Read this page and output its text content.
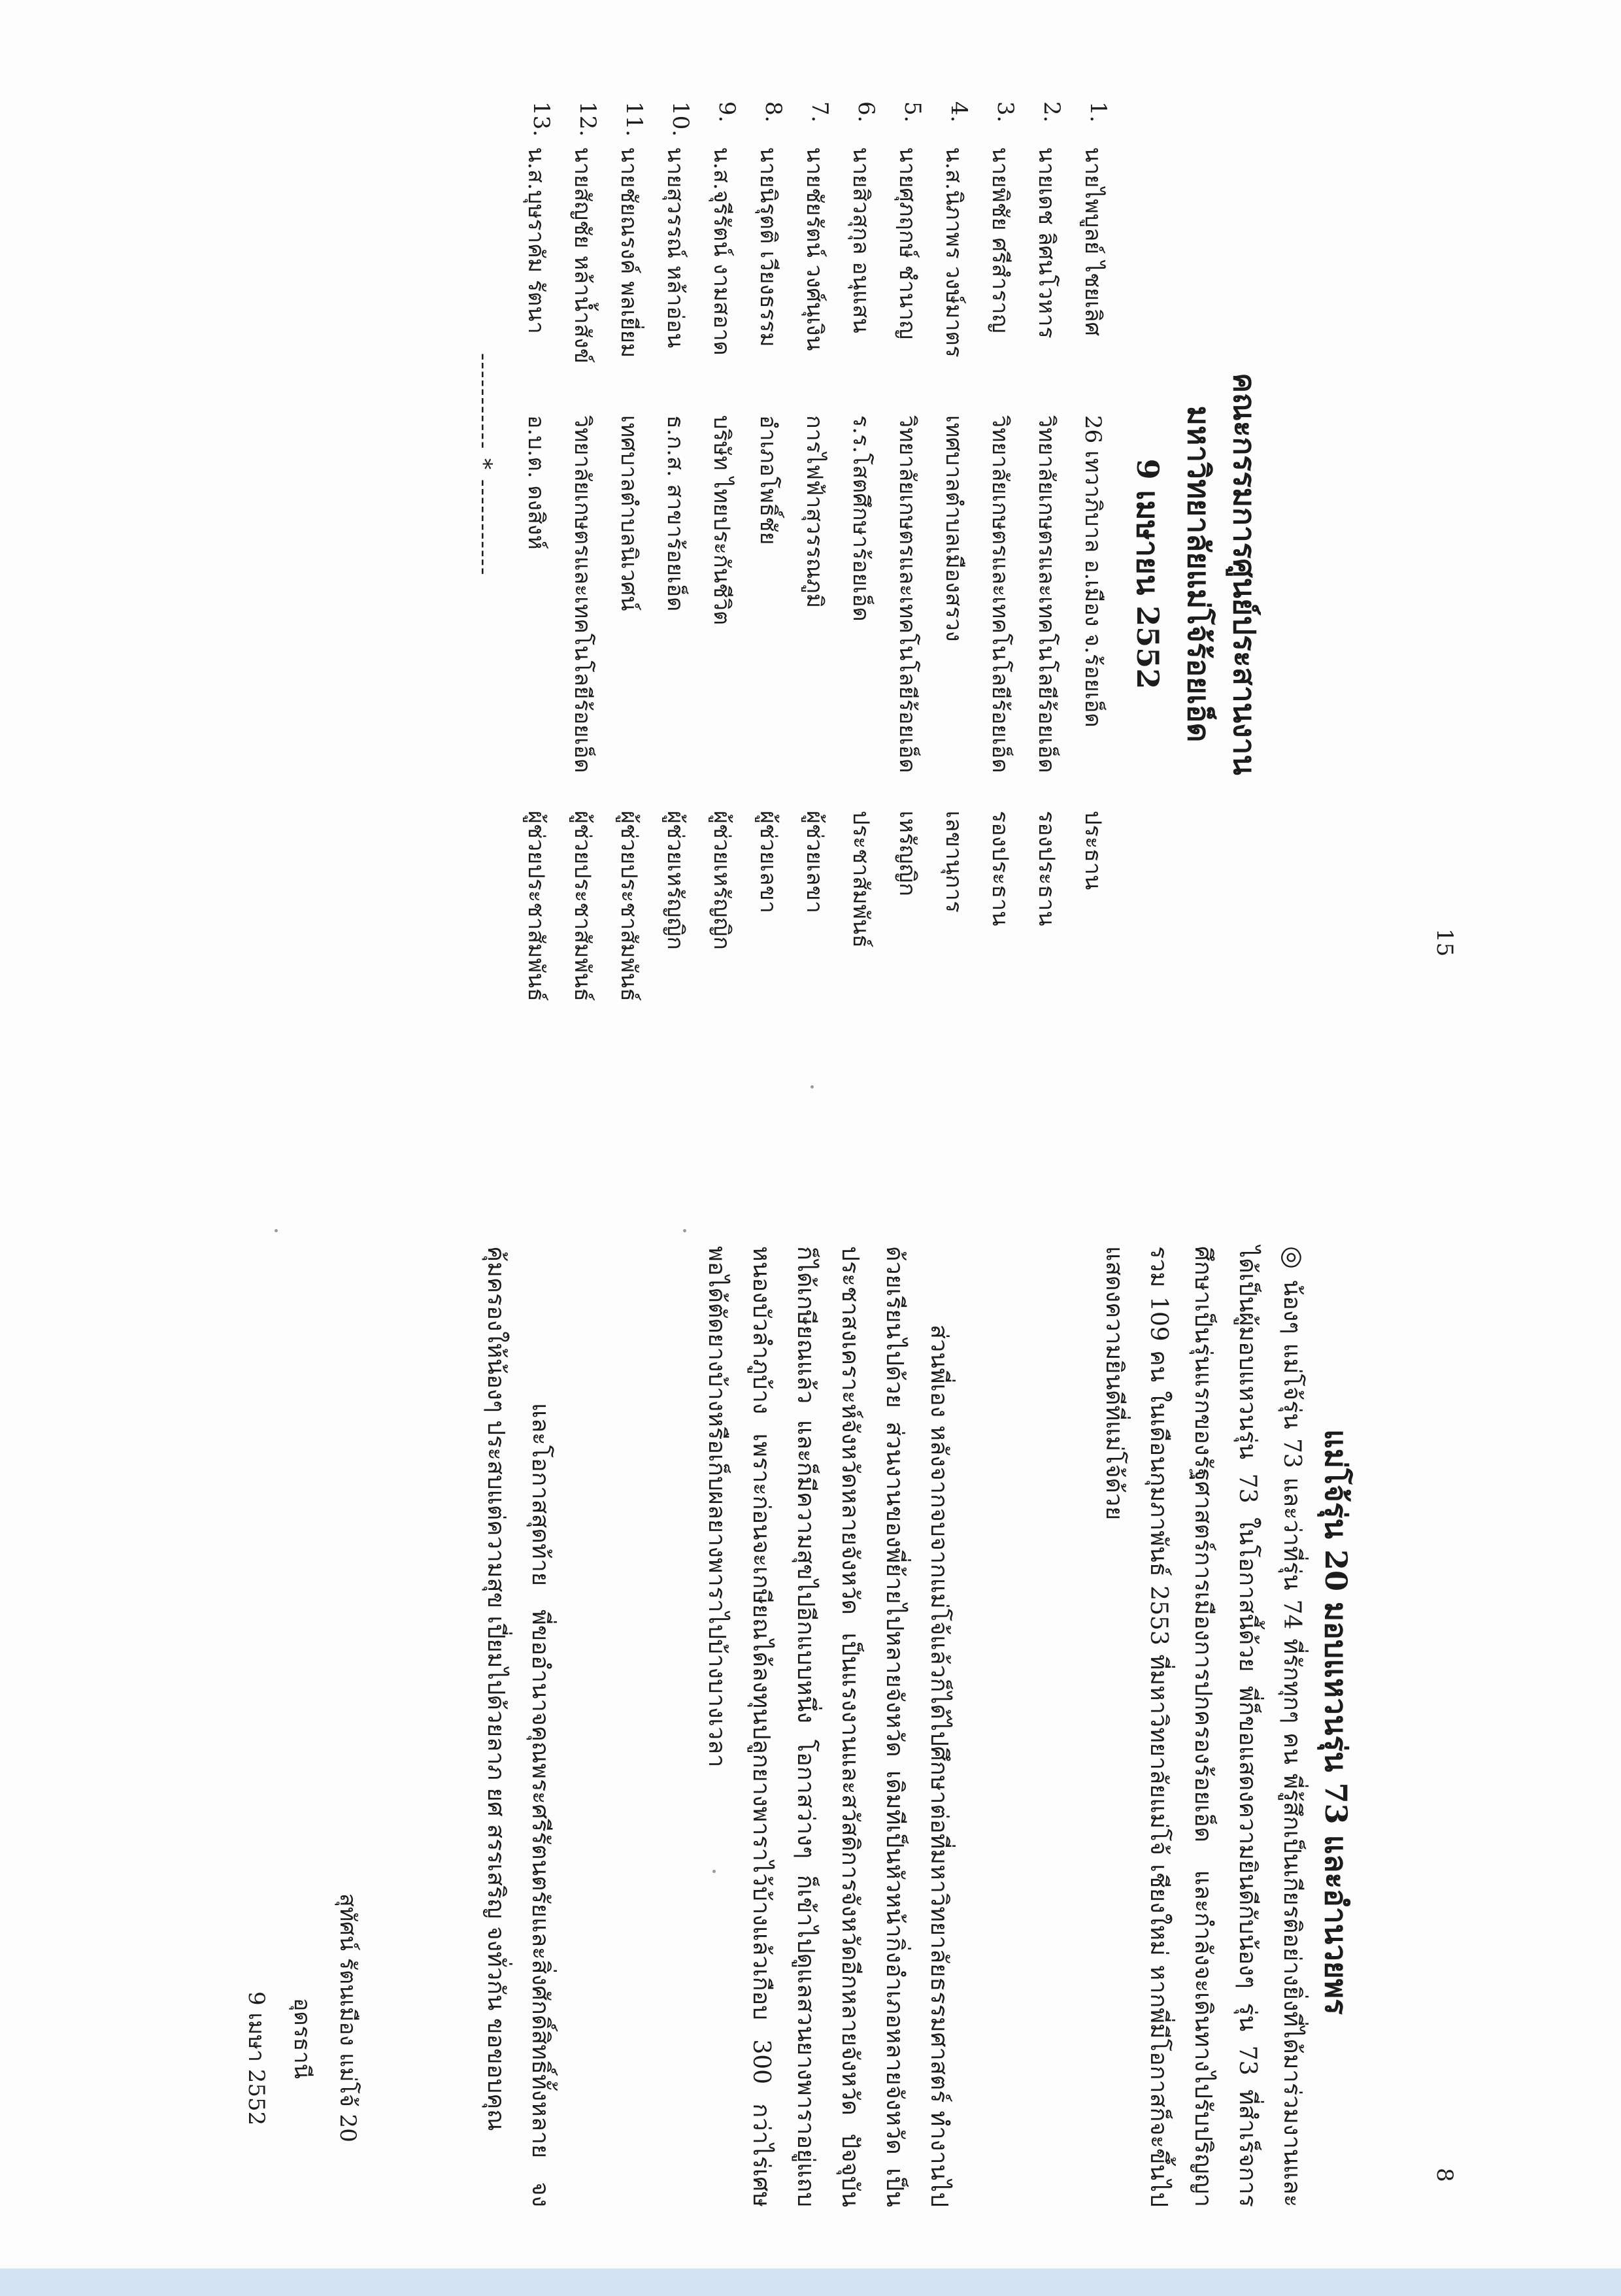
15
คณะกรรมการศูนย์ประสานงาน
มหาวิทยาลัยแม่โจ้ร้อยเอ็ด
9 เมษายน 2552
1.
นายไพบูลย์ ไชยเลิศ
26 เทวาภิบาล อ.เมือง จ.ร้อยเอ็ด
ประธาน
2.
นายเดช ลิศนโวหาร
วิทยาลัยเกษตรและเทคโนโลยีร้อยเอ็ด
รองประธาน
3.
นายพิชัย ศรีสำราญ
วิทยาลัยเกษตรและเทคโนโลยีร้อยเอ็ด
รองประธาน
4.
น.ส.นิภาพร วงษ์มาตร
เทศบาลตำบลเมืองสรวง
เลขานุการ
5.
นายศุภฤกษ์ ชำนาญ
วิทยาลัยเกษตรและเทคโนโลยีร้อยเอ็ด
เหรัญญิก
6.
นายสิวสุกุล อนุแสน
ร.ร.โสตศึกษาร้อยเอ็ด
ประชาสัมพันธ์
7.
นายชัยรัตน์ วงศ์นุเงิน
การไฟฟ้าสุวรรณภูมิ
ผู้ช่วยเลขา
8.
นายนิรุตติ เวียงธรรม
อำเภอโพธิ์ชัย
ผู้ช่วยเลขา
9.
น.ส.จุรีรัตน์ งามสอาด
บริษัท ไทยประกันชีวิต
ผู้ช่วยเหรัญญิก
10.
นายสุวรรณ์ หล้าอ่อน
ธ.ก.ส. สาขาร้อยเอ็ด
ผู้ช่วยเหรัญญิก
11.
นายชัยณรงค์ พลเยี่ยม
เทศบาลตำบลนิเวศน์
ผู้ช่วยประชาสัมพันธ์
12.
นายสัญชัย หล้าน้ำสังข์
วิทยาลัยเกษตรและเทคโนโลยีร้อยเอ็ด
ผู้ช่วยประชาสัมพันธ์
13.
น.ส.บุษราคัม รัตนา
อ.บ.ต. ดงสิงห์
ผู้ช่วยประชาสัมพันธ์
----------- * -----------
8
แม่โจ้รุ่น 20 มอบแหวนรุ่น 73 และอำนวยพร
◎น้องๆ แม่โจ้รุ่น 73 และว่าที่รุ่น 74 ที่รักทุกๆ คน พี่รู้สึกเป็นเกียรติอย่างยิ่งที่ได้มาร่วมงานและได้เป็นผู้มอบแหวนรุ่น 73 ในโอกาสนี้ด้วย พี่ก็ขอแสดงความยินดีกับน้องๆ รุ่น 73 ที่สำเร็จการศึกษาเป็นรุ่นแรกของรัฐศาสตร์การเมืองการปกครองร้อยเอ็ด และกำลังจะเดินทางไปรับปริญญารวม 109 คน ในเดือนกุมภาพันธ์ 2553 ที่มหาวิทยาลัยแม่โจ้ เชียงใหม่ หากพี่มีโอกาสก็จะขึ้นไปแสดงความยินดีที่แม่โจ้ด้วย
ส่วนพี่เอง หลังจากจบจากแม่โจ้แล้วก็ได้ไปศึกษาต่อที่มหาวิทยาลัยธรรมศาสตร์ ทำงานไปด้วยเรียนไปด้วย ส่วนงานของพี่ย้ายไปหลายจังหวัด เดิมทีเป็นหัวหน้ากิ่งอำเภอหลายจังหวัด เป็นประชาสงเคราะห์จังหวัดหลายจังหวัด เป็นแรงงานและสวัสดิการจังหวัดอีกหลายจังหวัด ปัจจุบันก็ได้เกษียณแล้ว และก็มีความสุขไปอีกแบบหนึ่ง โอกาสว่างๆ ก็เข้าไปดูแลสวนยางพาราอยู่แถบหนองบัวลำภูบ้าง เพราะก่อนจะเกษียณได้ลงทุนปลูกยางพาราไว้บ้างแล้วเกือบ 300 กว่าไร่เศษ พอได้ตัดยางบ้างหรือเก็บผลยางพาราไปบ้างบางเวลา
และโอกาสสุดท้าย พี่ขออำนาจคุณพระศรีรัตนตรัยและสิ่งศักดิ์สิทธิ์ทั้งหลาย จงคุ้มครองให้น้องๆ ประสบแต่ความสุข เปี่ยมไปด้วยลาภ ยศ สรรเสริญ จงทั่วกัน ขอขอบคุณ
สุทัศน์ รัตนเมือง แม่โจ้ 20
อุดรธานี
9 เมษา 2552
